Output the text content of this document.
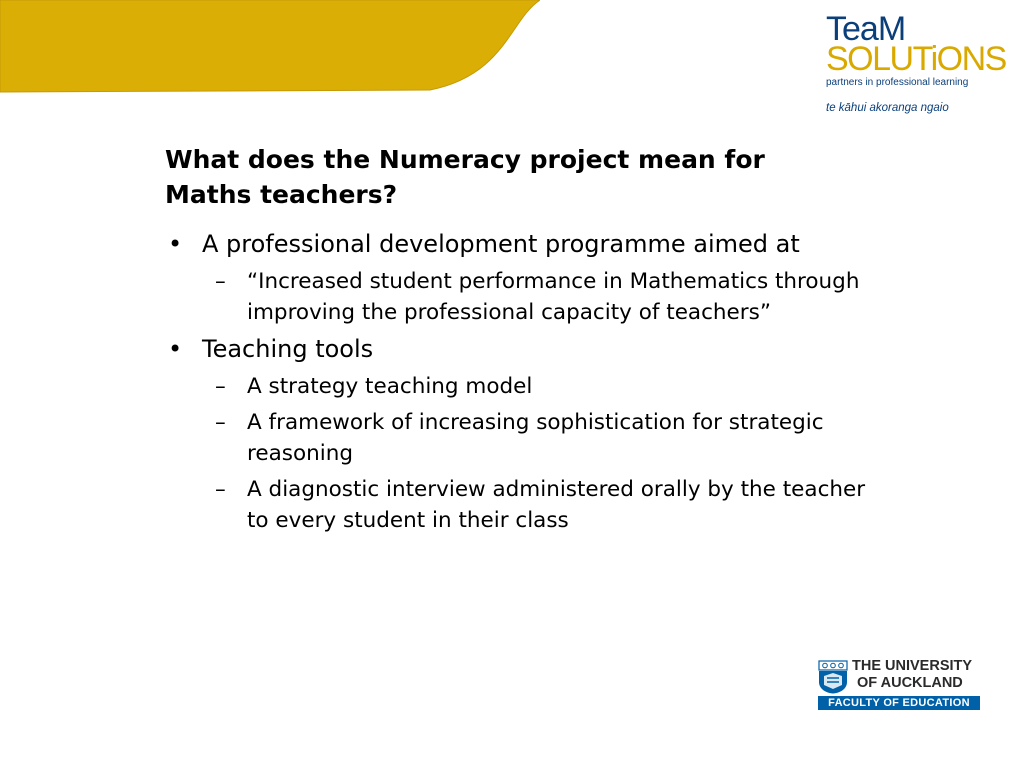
TeaM
SOLUTiONS
partners in professional learning
te kāhui akoranga ngaio
What does the Numeracy project mean for
Maths teachers?
• A professional development programme aimed at
– “Increased student performance in Mathematics through
improving the professional capacity of teachers”
• Teaching tools
– A strategy teaching model
– A framework of increasing sophistication for strategic
reasoning
– A diagnostic interview administered orally by the teacher
to every student in their class
THE UNIVERSITY
OF AUCKLAND
FACULTY OF EDUCATION
